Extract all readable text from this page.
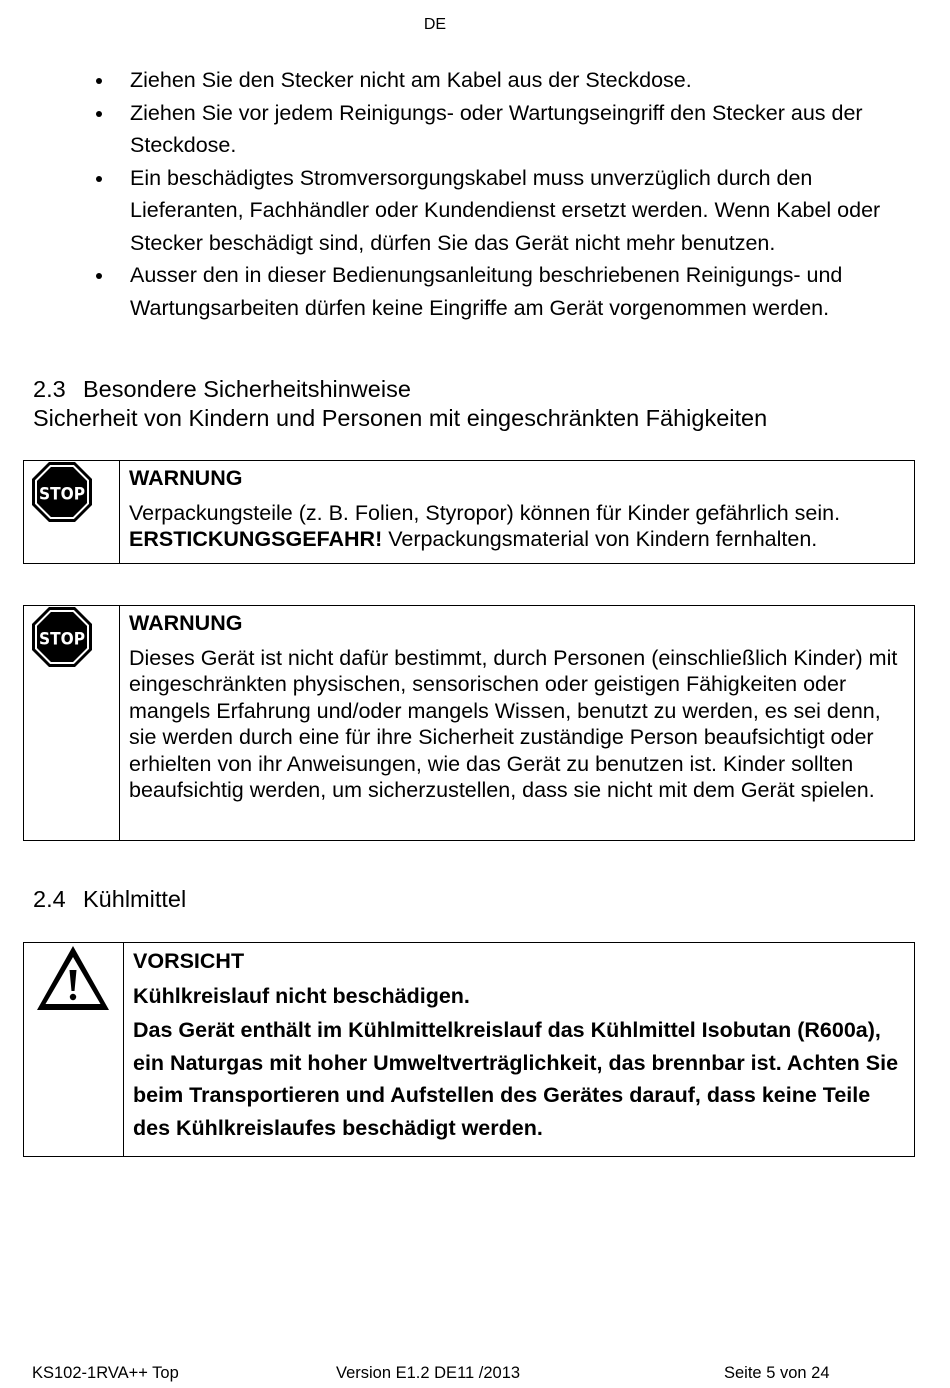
DE
Ziehen Sie den Stecker nicht am Kabel aus der Steckdose.
Ziehen Sie vor jedem Reinigungs- oder Wartungseingriff den Stecker aus der Steckdose.
Ein beschädigtes Stromversorgungskabel muss unverzüglich durch den Lieferanten, Fachhändler oder Kundendienst ersetzt werden. Wenn Kabel oder Stecker beschädigt sind, dürfen Sie das Gerät nicht mehr benutzen.
Ausser den in dieser Bedienungsanleitung beschriebenen Reinigungs- und Wartungsarbeiten dürfen keine Eingriffe am Gerät vorgenommen werden.
2.3 Besondere Sicherheitshinweise
Sicherheit von Kindern und Personen mit eingeschränkten Fähigkeiten
STOP
WARNUNG
Verpackungsteile (z. B. Folien, Styropor) können für Kinder gefährlich sein.
ERSTICKUNGSGEFAHR! Verpackungsmaterial von Kindern fernhalten.
STOP
WARNUNG
Dieses Gerät ist nicht dafür bestimmt, durch Personen (einschließlich Kinder) mit eingeschränkten physischen, sensorischen oder geistigen Fähigkeiten oder mangels Erfahrung und/oder mangels Wissen, benutzt zu werden, es sei denn, sie werden durch eine für ihre Sicherheit zuständige Person beaufsichtigt oder erhielten von ihr Anweisungen, wie das Gerät zu benutzen ist. Kinder sollten beaufsichtig werden, um sicherzustellen, dass sie nicht mit dem Gerät spielen.
2.4 Kühlmittel
VORSICHT
Kühlkreislauf nicht beschädigen.
Das Gerät enthält im Kühlmittelkreislauf das Kühlmittel Isobutan (R600a), ein Naturgas mit hoher Umweltverträglichkeit, das brennbar ist. Achten Sie beim Transportieren und Aufstellen des Gerätes darauf, dass keine Teile des Kühlkreislaufes beschädigt werden.
KS102-1RVA++ Top	Version E1.2 DE11 /2013	Seite 5 von 24
